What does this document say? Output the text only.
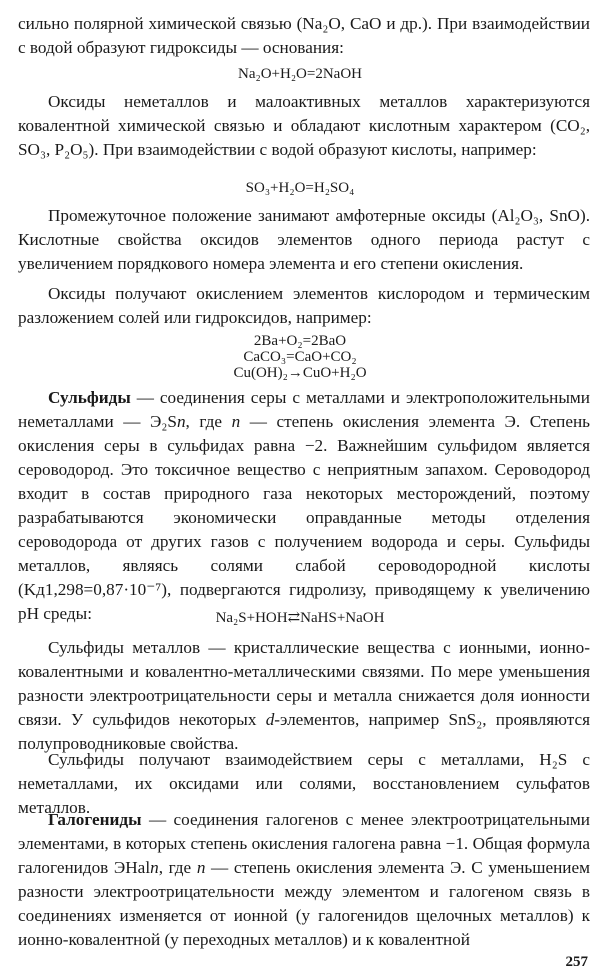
сильно полярной химической связью (Na₂O, CaO и др.). При взаимодействии с водой образуют гидроксиды — основания:
Na₂O+H₂O=2NaOH
Оксиды неметаллов и малоактивных металлов характеризуются ковалентной химической связью и обладают кислотным характером (CO₂, SO₃, P₂O₅). При взаимодействии с водой образуют кислоты, например:
SO₃+H₂O=H₂SO₄
Промежуточное положение занимают амфотерные оксиды (Al₂O₃, SnO). Кислотные свойства оксидов элементов одного периода растут с увеличением порядкового номера элемента и его степени окисления.
Оксиды получают окислением элементов кислородом и термическим разложением солей или гидроксидов, например:
2Ba+O₂=2BaO
CaCO₃=CaO+CO₂
Cu(OH)₂→CuO+H₂O
Сульфиды — соединения серы с металлами и электроположительными неметаллами — Э₂Sn, где n — степень окисления элемента Э. Степень окисления серы в сульфидах равна −2. Важнейшим сульфидом является сероводород. Это токсичное вещество с неприятным запахом. Сероводород входит в состав природного газа некоторых месторождений, поэтому разрабатываются экономически оправданные методы отделения сероводорода от других газов с получением водорода и серы. Сульфиды металлов, являясь солями слабой сероводородной кислоты (Kд1,298=0,87·10⁻⁷), подвергаются гидролизу, приводящему к увеличению pH среды:	Na₂S+HOH⇄NaHS+NaOH
Сульфиды металлов — кристаллические вещества с ионными, ионно-ковалентными и ковалентно-металлическими связями. По мере уменьшения разности электроотрицательности серы и металла снижается доля ионности связи. У сульфидов некоторых d-элементов, например SnS₂, проявляются полупроводниковые свойства.
Сульфиды получают взаимодействием серы с металлами, H₂S с неметаллами, их оксидами или солями, восстановлением сульфатов металлов.
Галогениды — соединения галогенов с менее электроотрицательными элементами, в которых степень окисления галогена равна −1. Общая формула галогенидов ЭHaln, где n — степень окисления элемента Э. С уменьшением разности электроотрицательности между элементом и галогеном связь в соединениях изменяется от ионной (у галогенидов щелочных металлов) к ионно-ковалентной (у переходных металлов) и к ковалентной
257
